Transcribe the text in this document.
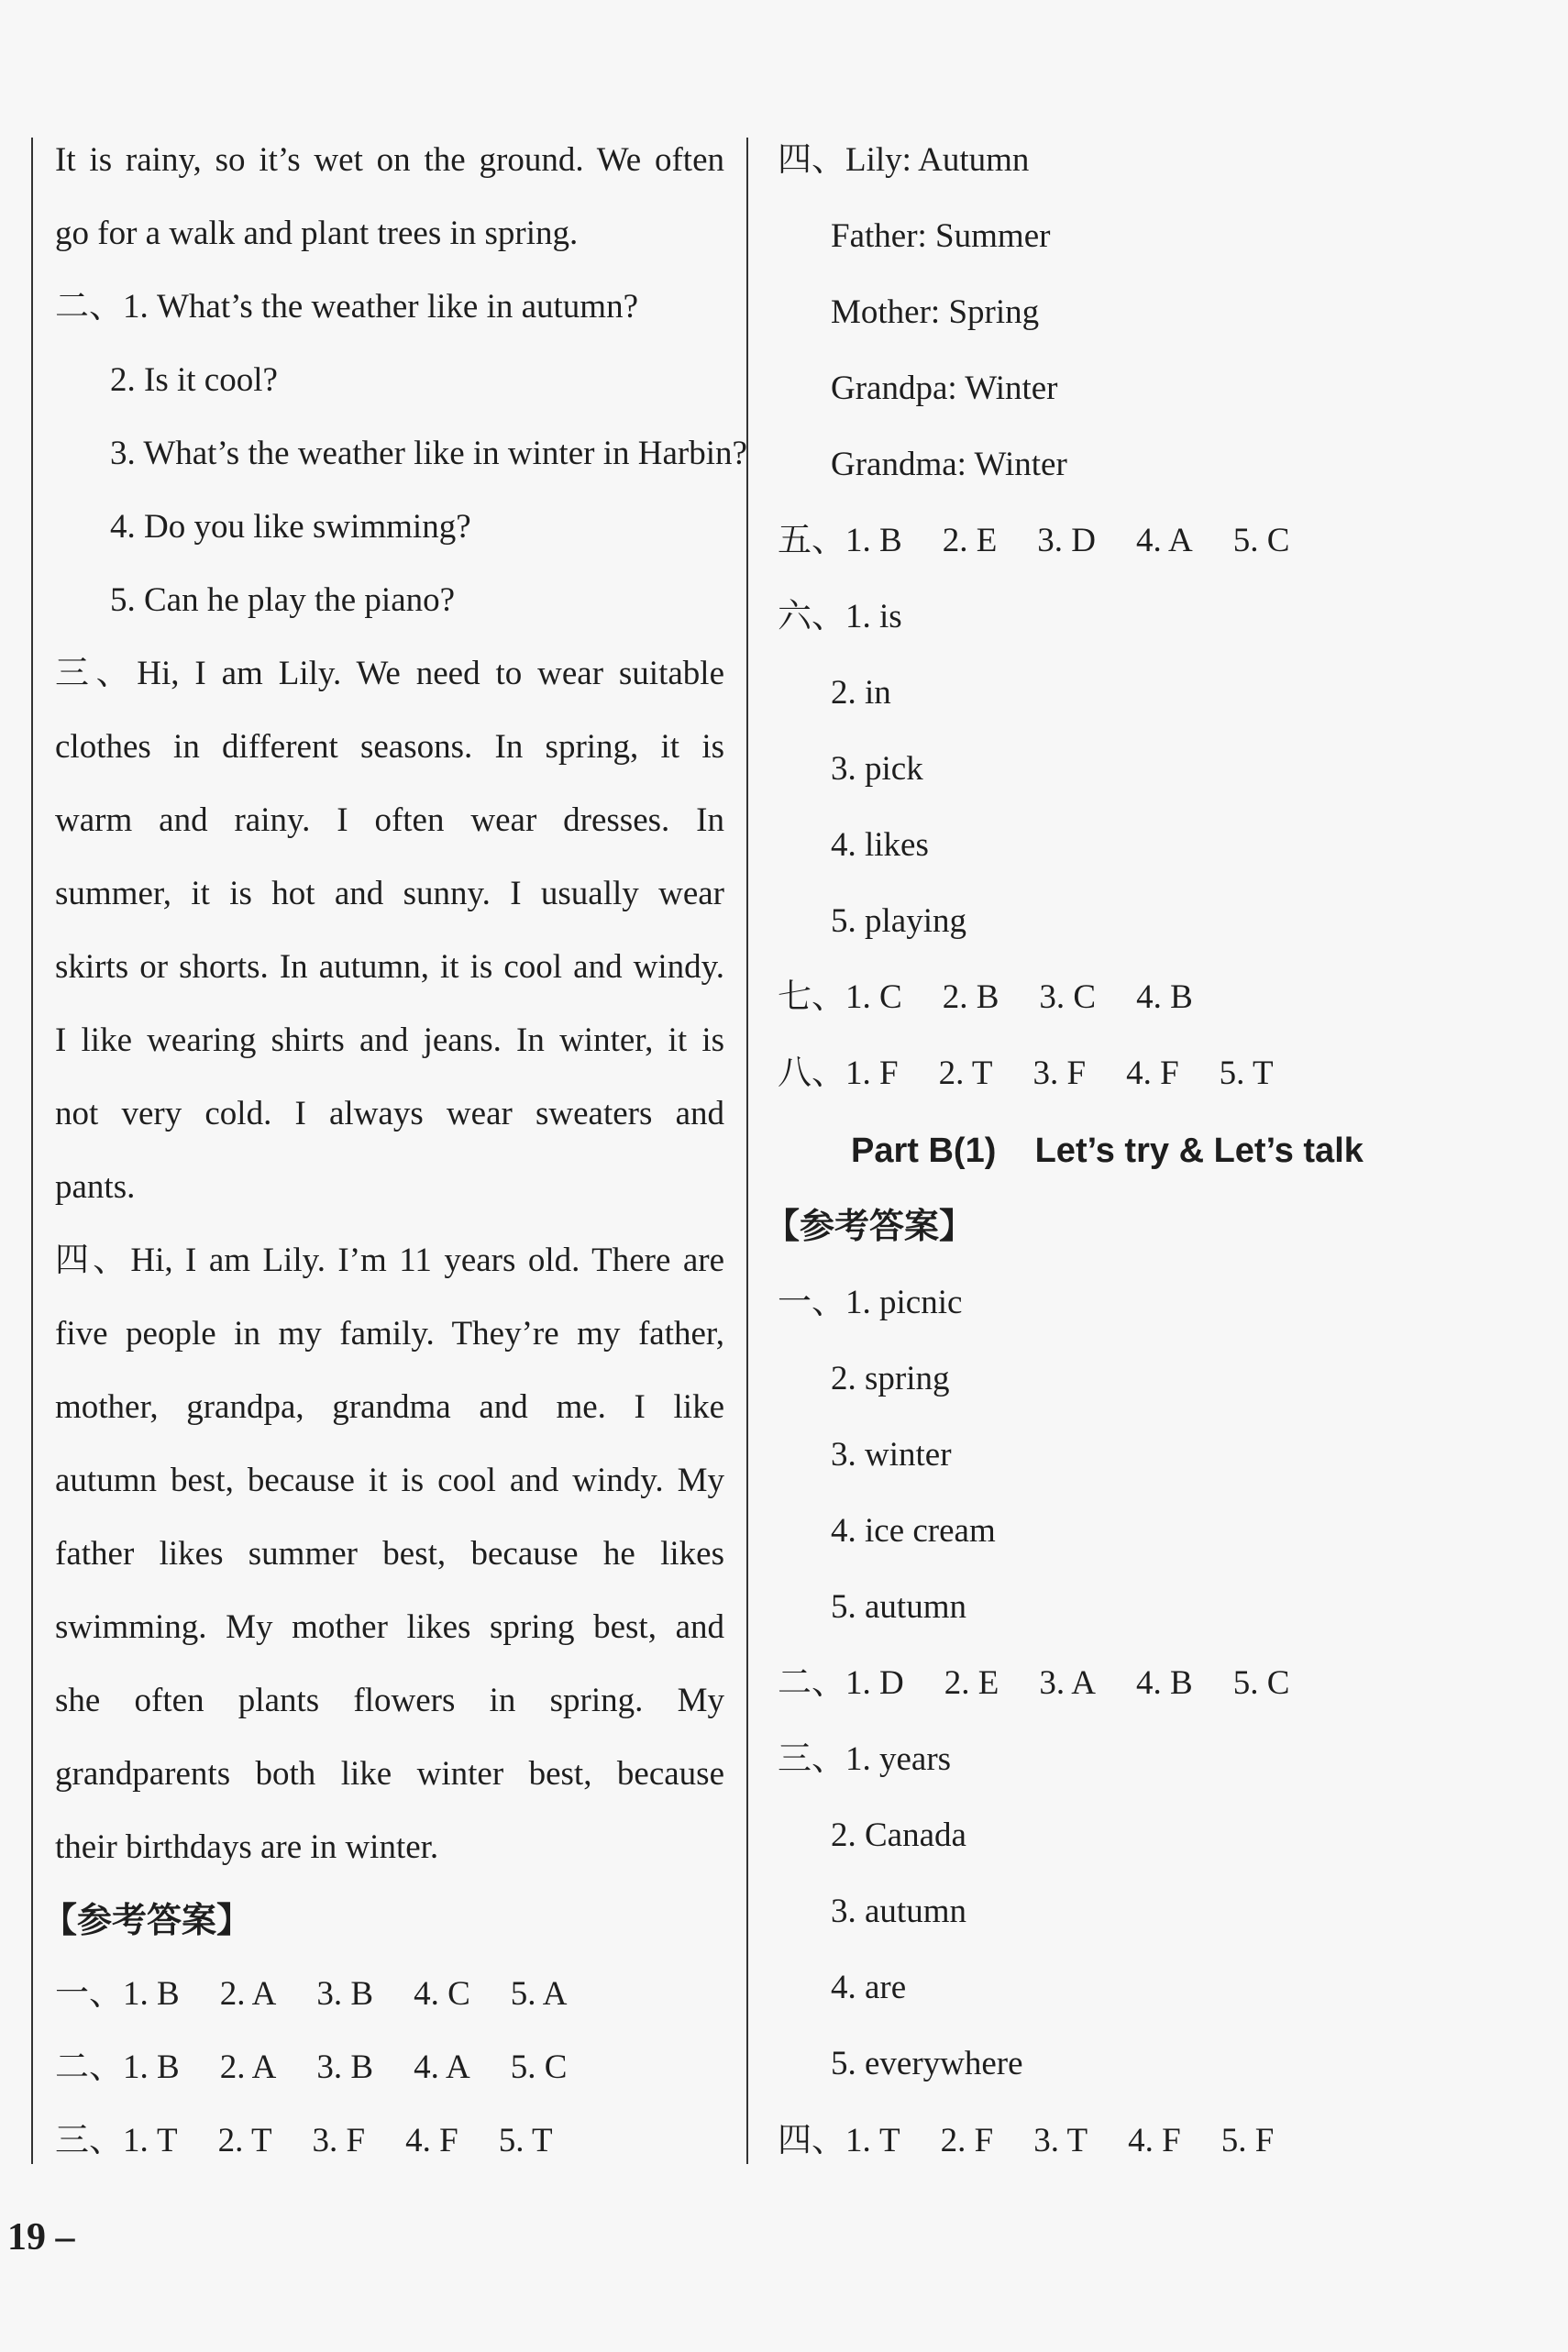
It is rainy, so it’s wet on the ground. We often
go for a walk and plant trees in spring.
二、1. What’s the weather like in autumn?
2. Is it cool?
3. What’s the weather like in winter in Harbin?
4. Do you like swimming?
5. Can he play the piano?
三、Hi, I am Lily. We need to wear suitable
clothes in different seasons. In spring, it is
warm and rainy. I often wear dresses. In
summer, it is hot and sunny. I usually wear
skirts or shorts. In autumn, it is cool and windy.
I like wearing shirts and jeans. In winter, it is
not very cold. I always wear sweaters and
pants.
四、Hi, I am Lily. I’m 11 years old. There are
five people in my family. They’re my father,
mother, grandpa, grandma and me. I like
autumn best, because it is cool and windy. My
father likes summer best, because he likes
swimming. My mother likes spring best, and
she often plants flowers in spring. My
grandparents both like winter best, because
their birthdays are in winter.
【参考答案】
一、1. B 2. A 3. B 4. C 5. A
二、1. B 2. A 3. B 4. A 5. C
三、1. T 2. T 3. F 4. F 5. T
四、Lily: Autumn
Father: Summer
Mother: Spring
Grandpa: Winter
Grandma: Winter
五、1. B 2. E 3. D 4. A 5. C
六、1. is
2. in
3. pick
4. likes
5. playing
七、1. C 2. B 3. C 4. B
八、1. F 2. T 3. F 4. F 5. T
Part B(1)    Let’s try & Let’s talk
【参考答案】
一、1. picnic
2. spring
3. winter
4. ice cream
5. autumn
二、1. D 2. E 3. A 4. B 5. C
三、1. years
2. Canada
3. autumn
4. are
5. everywhere
四、1. T 2. F 3. T 4. F 5. F
19 –
